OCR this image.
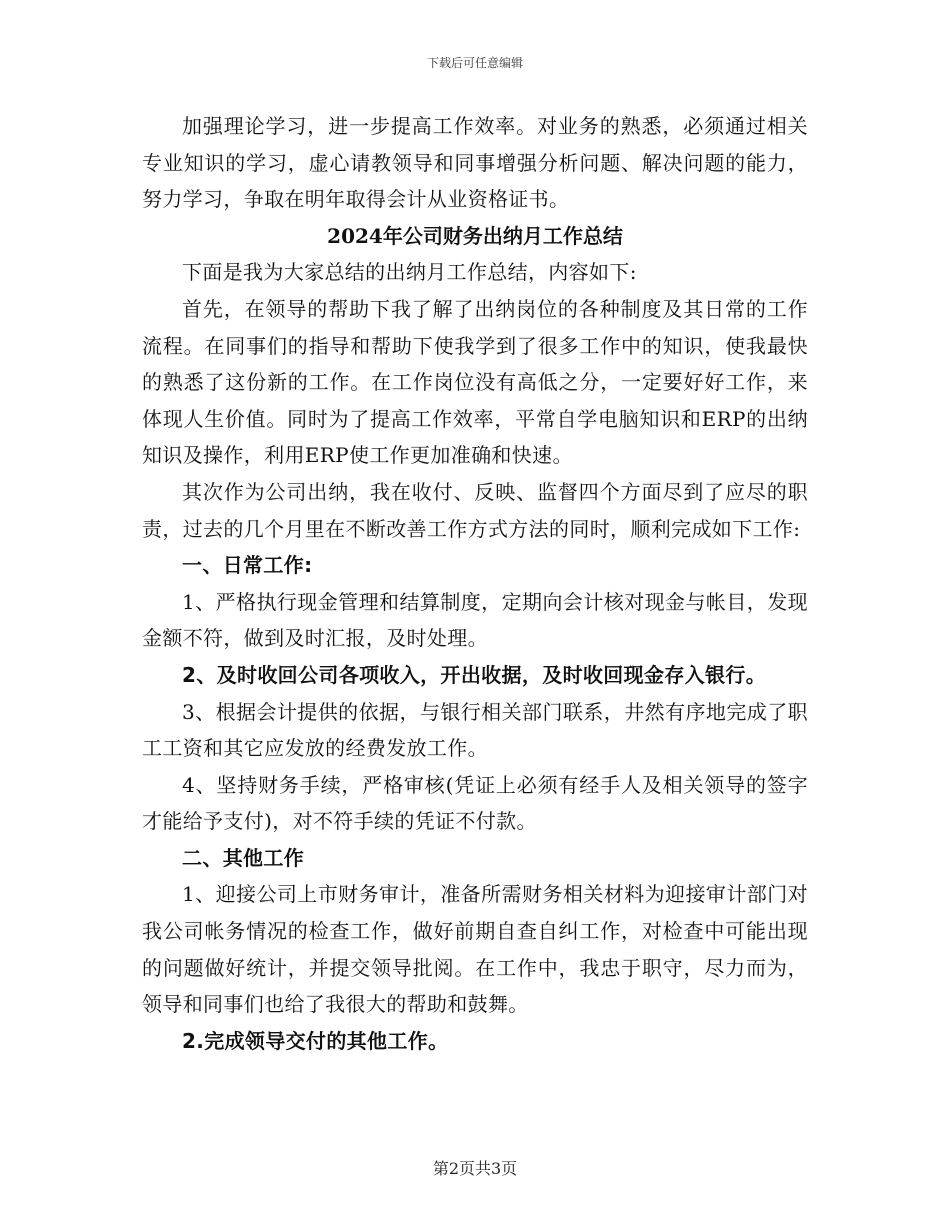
下载后可任意编辑

加强理论学习，进一步提高工作效率。对业务的熟悉，必须通过相关专业知识的学习，虚心请教领导和同事增强分析问题、解决问题的能力，努力学习，争取在明年取得会计从业资格证书。

2024年公司财务出纳月工作总结

下面是我为大家总结的出纳月工作总结，内容如下:

首先，在领导的帮助下我了解了出纳岗位的各种制度及其日常的工作流程。在同事们的指导和帮助下使我学到了很多工作中的知识，使我最快的熟悉了这份新的工作。在工作岗位没有高低之分，一定要好好工作，来体现人生价值。同时为了提高工作效率，平常自学电脑知识和ERP的出纳知识及操作，利用ERP使工作更加准确和快速。

其次作为公司出纳，我在收付、反映、监督四个方面尽到了应尽的职责，过去的几个月里在不断改善工作方式方法的同时，顺利完成如下工作:

一、日常工作:

1、严格执行现金管理和结算制度，定期向会计核对现金与帐目，发现金额不符，做到及时汇报，及时处理。

2、及时收回公司各项收入，开出收据，及时收回现金存入银行。

3、根据会计提供的依据，与银行相关部门联系，井然有序地完成了职工工资和其它应发放的经费发放工作。

4、坚持财务手续，严格审核(凭证上必须有经手人及相关领导的签字才能给予支付)，对不符手续的凭证不付款。

二、其他工作

1、迎接公司上市财务审计，准备所需财务相关材料为迎接审计部门对我公司帐务情况的检查工作，做好前期自查自纠工作，对检查中可能出现的问题做好统计，并提交领导批阅。在工作中，我忠于职守，尽力而为，领导和同事们也给了我很大的帮助和鼓舞。

2.完成领导交付的其他工作。

第2页共3页
